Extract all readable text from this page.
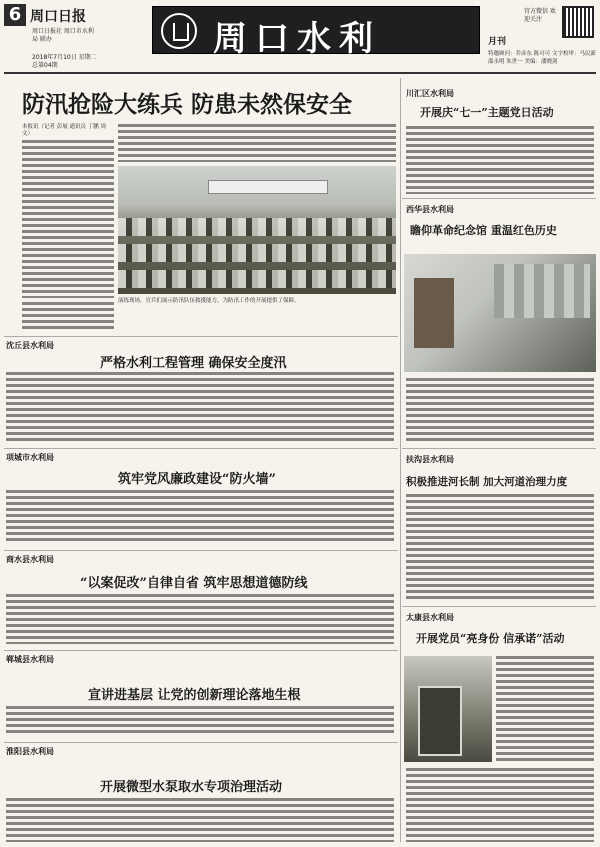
6 周口日报
周口日报社 周口市水利局 联办
2018年7月10日 星期二
总第04期
周口水利	月刊
官方微信 欢迎关注
特邀顾问：乔彦东 陈可可 文字校审：马民新 邵永明 朱世一 美编：潘晓剑
防汛抢险大练兵 防患未然保安全
本报讯（记者 彭展 通讯员 丁鹏 周文）
演练现场，官兵们展示防汛队伍救援能力，为防汛工作的开展提供了保障。
沈丘县水利局
严格水利工程管理 确保安全度汛
项城市水利局
筑牢党风廉政建设“防火墙”
商水县水利局
“以案促改”自律自省 筑牢思想道德防线
郸城县水利局
宣讲进基层 让党的创新理论落地生根
淮阳县水利局
开展微型水泵取水专项治理活动
川汇区水利局
开展庆“七一”主题党日活动
西华县水利局
瞻仰革命纪念馆 重温红色历史
扶沟县水利局
积极推进河长制 加大河道治理力度
太康县水利局
开展党员“亮身份 信承诺”活动
